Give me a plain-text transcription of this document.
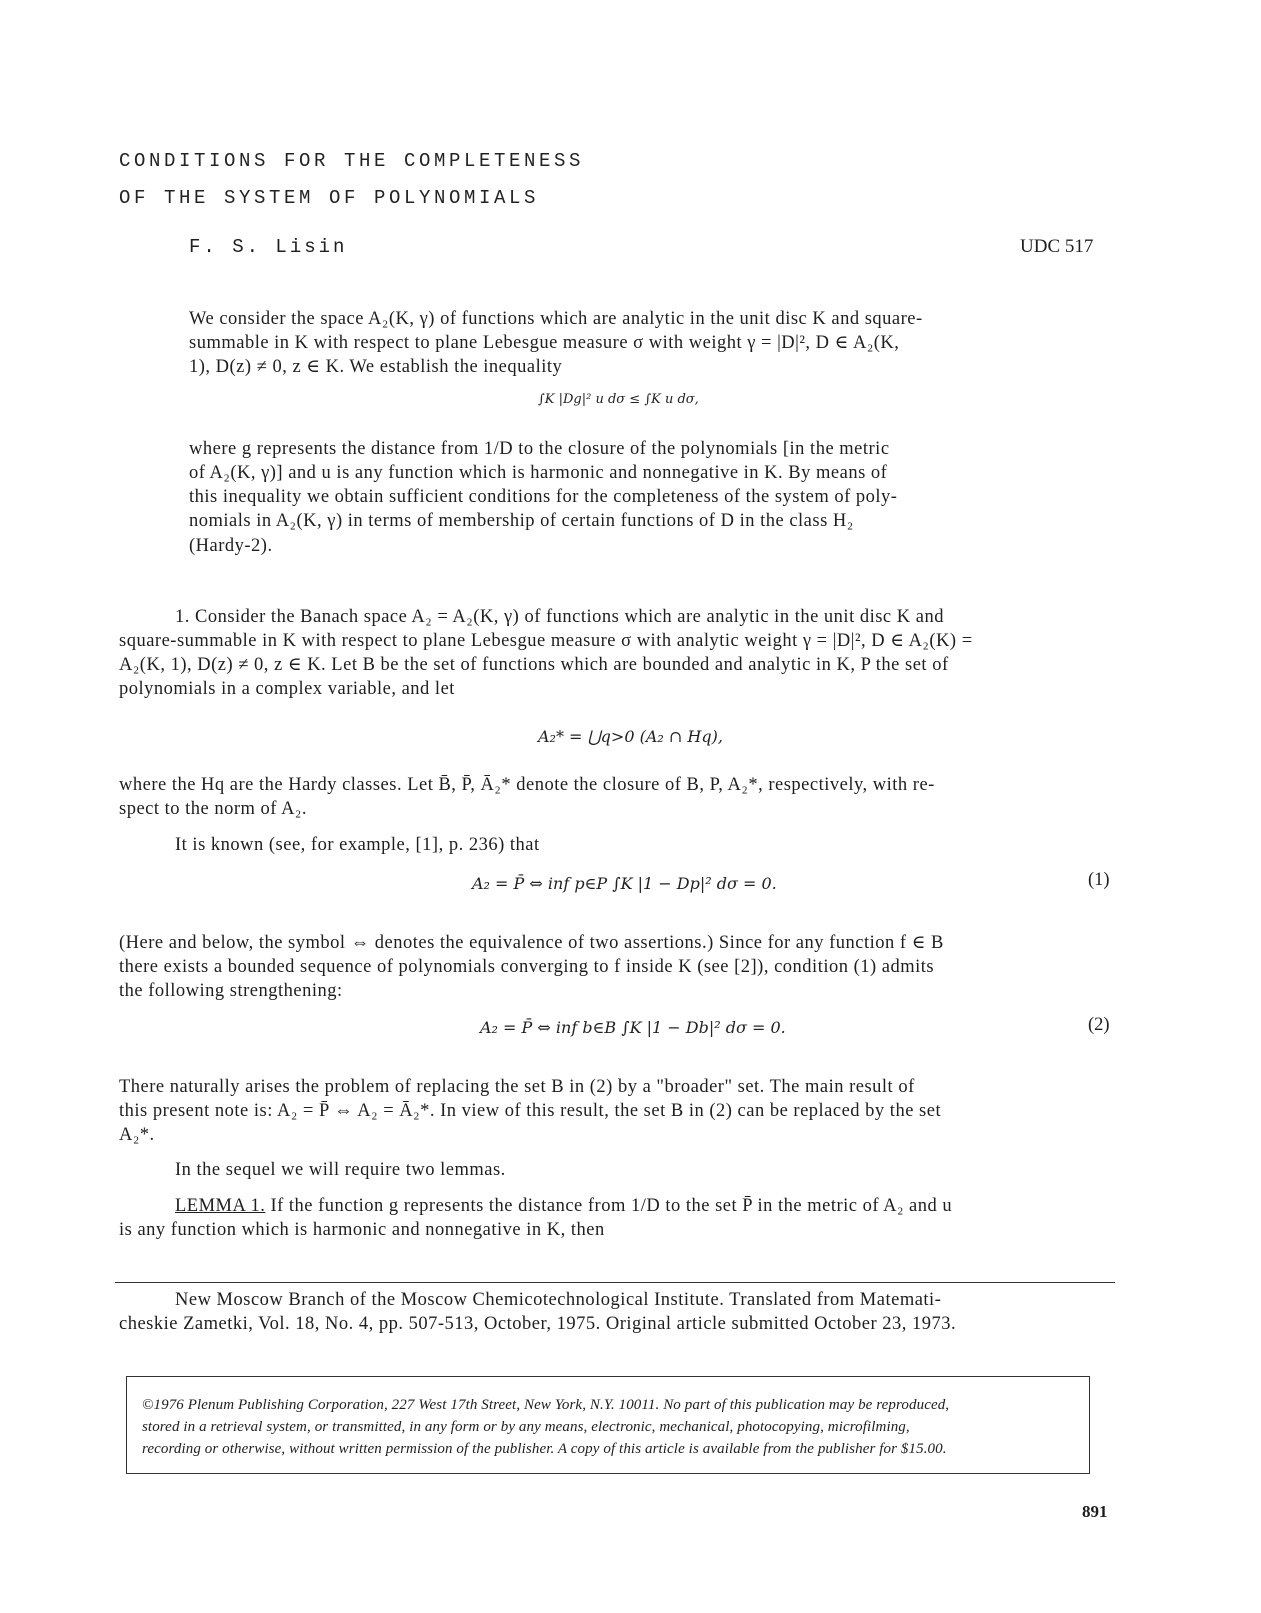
CONDITIONS FOR THE COMPLETENESS
OF THE SYSTEM OF POLYNOMIALS
F. S. Lisin	UDC 517
We consider the space A₂(K, γ) of functions which are analytic in the unit disc K and square-
summable in K with respect to plane Lebesgue measure σ with weight γ = |D|², D ∈ A₂(K,
1), D(z) ≠ 0, z ∈ K. We establish the inequality
∫K |Dg|² u dσ ≤ ∫K u dσ,
where g represents the distance from 1/D to the closure of the polynomials [in the metric
of A₂(K, γ)] and u is any function which is harmonic and nonnegative in K. By means of
this inequality we obtain sufficient conditions for the completeness of the system of poly-
nomials in A₂(K, γ) in terms of membership of certain functions of D in the class H₂
(Hardy-2).
1. Consider the Banach space A₂ = A₂(K, γ) of functions which are analytic in the unit disc K and
square-summable in K with respect to plane Lebesgue measure σ with analytic weight γ = |D|², D ∈ A₂(K) =
A₂(K, 1), D(z) ≠ 0, z ∈ K. Let B be the set of functions which are bounded and analytic in K, P the set of
polynomials in a complex variable, and let
A₂* = ⋃q>0 (A₂ ∩ Hq),
where the Hq are the Hardy classes. Let B̄, P̄, Ā₂* denote the closure of B, P, A₂*, respectively, with re-
spect to the norm of A₂.
It is known (see, for example, [1], p. 236) that
A₂ = P̄ ⇔ inf p∈P ∫K |1 − Dp|² dσ = 0.	(1)
(Here and below, the symbol ⇔ denotes the equivalence of two assertions.) Since for any function f ∈ B
there exists a bounded sequence of polynomials converging to f inside K (see [2]), condition (1) admits
the following strengthening:
A₂ = P̄ ⇔ inf b∈B ∫K |1 − Db|² dσ = 0.	(2)
There naturally arises the problem of replacing the set B in (2) by a "broader" set. The main result of
this present note is: A₂ = P̄ ⇔ A₂ = Ā₂*. In view of this result, the set B in (2) can be replaced by the set
A₂*.
In the sequel we will require two lemmas.
LEMMA 1. If the function g represents the distance from 1/D to the set P̄ in the metric of A₂ and u
is any function which is harmonic and nonnegative in K, then
New Moscow Branch of the Moscow Chemicotechnological Institute. Translated from Matemati-
cheskie Zametki, Vol. 18, No. 4, pp. 507-513, October, 1975. Original article submitted October 23, 1973.
©1976 Plenum Publishing Corporation, 227 West 17th Street, New York, N.Y. 10011. No part of this publication may be reproduced,
stored in a retrieval system, or transmitted, in any form or by any means, electronic, mechanical, photocopying, microfilming,
recording or otherwise, without written permission of the publisher. A copy of this article is available from the publisher for $15.00.
891
